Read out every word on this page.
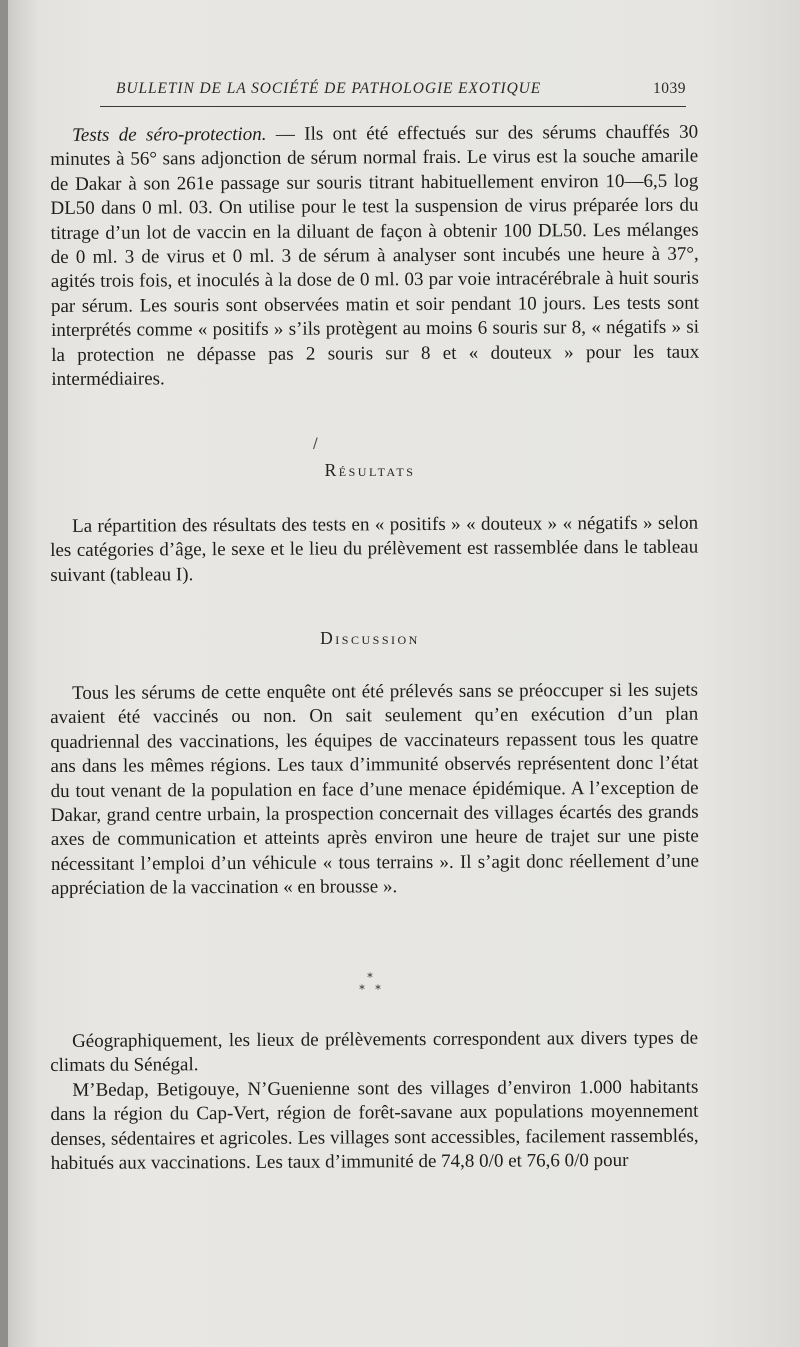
BULLETIN DE LA SOCIÉTÉ DE PATHOLOGIE EXOTIQUE	1039

Tests de séro-protection. — Ils ont été effectués sur des sérums chauffés 30 minutes à 56° sans adjonction de sérum normal frais. Le virus est la souche amarile de Dakar à son 261e passage sur souris titrant habituellement environ 10—6,5 log DL50 dans 0 ml. 03. On utilise pour le test la suspension de virus préparée lors du titrage d’un lot de vaccin en la diluant de façon à obtenir 100 DL50. Les mélanges de 0 ml. 3 de virus et 0 ml. 3 de sérum à analyser sont incubés une heure à 37°, agités trois fois, et inoculés à la dose de 0 ml. 03 par voie intracérébrale à huit souris par sérum. Les souris sont observées matin et soir pendant 10 jours. Les tests sont interprétés comme « positifs » s’ils protègent au moins 6 souris sur 8, « négatifs » si la protection ne dépasse pas 2 souris sur 8 et « douteux » pour les taux intermédiaires.

/
Résultats

La répartition des résultats des tests en « positifs » « douteux » « négatifs » selon les catégories d’âge, le sexe et le lieu du prélèvement est rassemblée dans le tableau suivant (tableau I).

Discussion

Tous les sérums de cette enquête ont été prélevés sans se préoccuper si les sujets avaient été vaccinés ou non. On sait seulement qu’en exécution d’un plan quadriennal des vaccinations, les équipes de vaccinateurs repassent tous les quatre ans dans les mêmes régions. Les taux d’immunité observés représentent donc l’état du tout venant de la population en face d’une menace épidémique. A l’exception de Dakar, grand centre urbain, la prospection concernait des villages écartés des grands axes de communication et atteints après environ une heure de trajet sur une piste nécessitant l’emploi d’un véhicule « tous terrains ». Il s’agit donc réellement d’une appréciation de la vaccination « en brousse ».

*
*   *

Géographiquement, les lieux de prélèvements correspondent aux divers types de climats du Sénégal.

M’Bedap, Betigouye, N’Guenienne sont des villages d’environ 1.000 habitants dans la région du Cap-Vert, région de forêt-savane aux populations moyennement denses, sédentaires et agricoles. Les villages sont accessibles, facilement rassemblés, habitués aux vaccinations. Les taux d’immunité de 74,8 0/0 et 76,6 0/0 pour
